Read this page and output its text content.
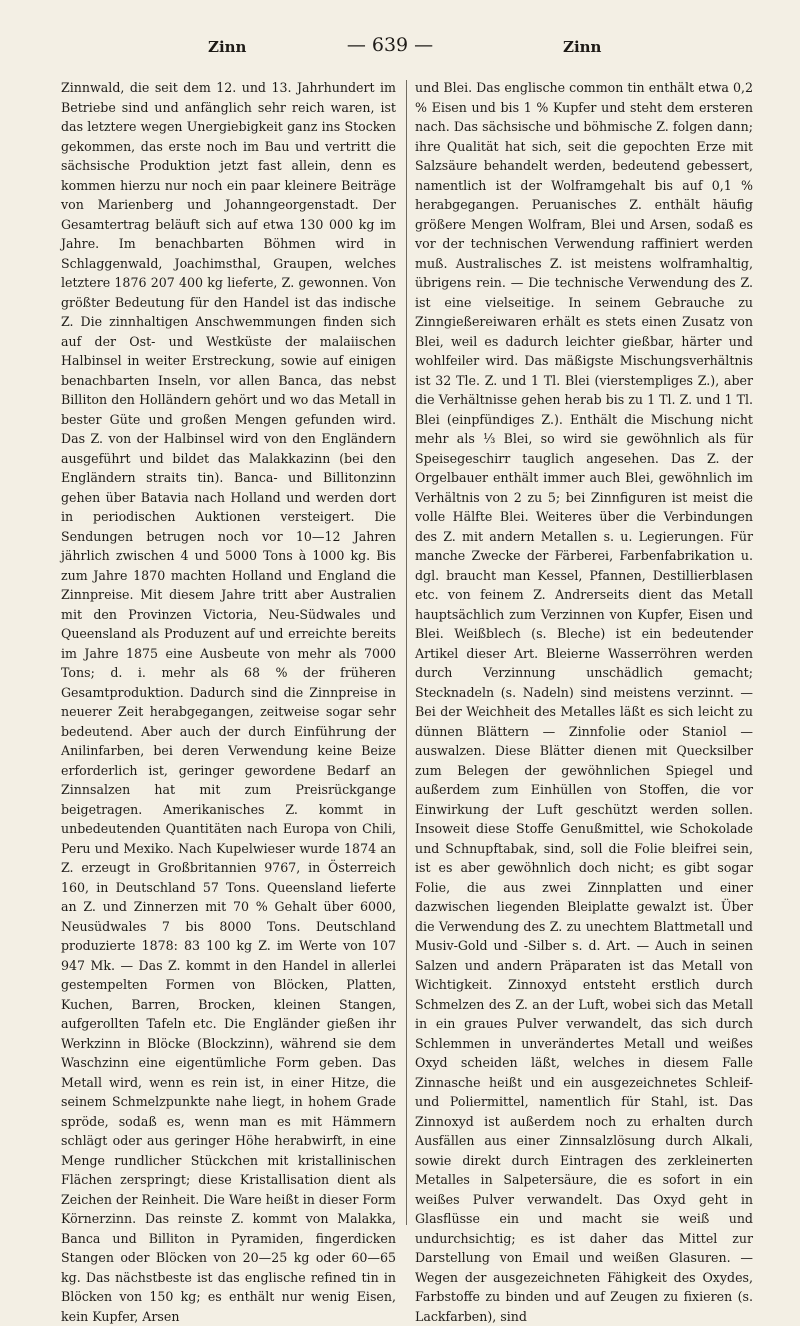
Zinn	— 639 —	Zinn

Zinnwald, die seit dem 12. und 13. Jahrhundert im Betriebe sind und anfänglich sehr reich waren, ist das letztere wegen Unergiebigkeit ganz ins Stocken gekommen, das erste noch im Bau und vertritt die sächsische Produktion jetzt fast allein, denn es kommen hierzu nur noch ein paar kleinere Beiträge von Marienberg und Johanngeorgenstadt. Der Gesamtertrag beläuft sich auf etwa 130 000 kg im Jahre. Im benachbarten Böhmen wird in Schlaggenwald, Joachimsthal, Graupen, welches letztere 1876 207 400 kg lieferte, Z. gewonnen. Von größter Bedeutung für den Handel ist das indische Z. Die zinnhaltigen Anschwemmungen finden sich auf der Ost- und Westküste der malaiischen Halbinsel in weiter Erstreckung, sowie auf einigen benachbarten Inseln, vor allen Banca, das nebst Billiton den Holländern gehört und wo das Metall in bester Güte und großen Mengen gefunden wird. Das Z. von der Halbinsel wird von den Engländern ausgeführt und bildet das Malakkazinn (bei den Engländern straits tin). Banca- und Billitonzinn gehen über Batavia nach Holland und werden dort in periodischen Auktionen versteigert. Die Sendungen betrugen noch vor 10—12 Jahren jährlich zwischen 4 und 5000 Tons à 1000 kg. Bis zum Jahre 1870 machten Holland und England die Zinnpreise. Mit diesem Jahre tritt aber Australien mit den Provinzen Victoria, Neu-Südwales und Queensland als Produzent auf und erreichte bereits im Jahre 1875 eine Ausbeute von mehr als 7000 Tons; d. i. mehr als 68 % der früheren Gesamtproduktion. Dadurch sind die Zinnpreise in neuerer Zeit herabgegangen, zeitweise sogar sehr bedeutend. Aber auch der durch Einführung der Anilinfarben, bei deren Verwendung keine Beize erforderlich ist, geringer gewordene Bedarf an Zinnsalzen hat mit zum Preisrückgange beigetragen. Amerikanisches Z. kommt in unbedeutenden Quantitäten nach Europa von Chili, Peru und Mexiko. Nach Kupelwieser wurde 1874 an Z. erzeugt in Großbritannien 9767, in Österreich 160, in Deutschland 57 Tons. Queensland lieferte an Z. und Zinnerzen mit 70 % Gehalt über 6000, Neusüdwales 7 bis 8000 Tons. Deutschland produzierte 1878: 83 100 kg Z. im Werte von 107 947 Mk. — Das Z. kommt in den Handel in allerlei gestempelten Formen von Blöcken, Platten, Kuchen, Barren, Brocken, kleinen Stangen, aufgerollten Tafeln etc. Die Engländer gießen ihr Werkzinn in Blöcke (Blockzinn), während sie dem Waschzinn eine eigentümliche Form geben. Das Metall wird, wenn es rein ist, in einer Hitze, die seinem Schmelzpunkte nahe liegt, in hohem Grade spröde, sodaß es, wenn man es mit Hämmern schlägt oder aus geringer Höhe herabwirft, in eine Menge rundlicher Stückchen mit kristallinischen Flächen zerspringt; diese Kristallisation dient als Zeichen der Reinheit. Die Ware heißt in dieser Form Körnerzinn. Das reinste Z. kommt von Malakka, Banca und Billiton in Pyramiden, fingerdicken Stangen oder Blöcken von 20—25 kg oder 60—65 kg. Das nächstbeste ist das englische refined tin in Blöcken von 150 kg; es enthält nur wenig Eisen, kein Kupfer, Arsen

und Blei. Das englische common tin enthält etwa 0,2 % Eisen und bis 1 % Kupfer und steht dem ersteren nach. Das sächsische und böhmische Z. folgen dann; ihre Qualität hat sich, seit die gepochten Erze mit Salzsäure behandelt werden, bedeutend gebessert, namentlich ist der Wolframgehalt bis auf 0,1 % herabgegangen. Peruanisches Z. enthält häufig größere Mengen Wolfram, Blei und Arsen, sodaß es vor der technischen Verwendung raffiniert werden muß. Australisches Z. ist meistens wolframhaltig, übrigens rein. — Die technische Verwendung des Z. ist eine vielseitige. In seinem Gebrauche zu Zinngießereiwaren erhält es stets einen Zusatz von Blei, weil es dadurch leichter gießbar, härter und wohlfeiler wird. Das mäßigste Mischungsverhältnis ist 32 Tle. Z. und 1 Tl. Blei (vierstempliges Z.), aber die Verhältnisse gehen herab bis zu 1 Tl. Z. und 1 Tl. Blei (einpfündiges Z.). Enthält die Mischung nicht mehr als ⅓ Blei, so wird sie gewöhnlich als für Speisegeschirr tauglich angesehen. Das Z. der Orgelbauer enthält immer auch Blei, gewöhnlich im Verhältnis von 2 zu 5; bei Zinnfiguren ist meist die volle Hälfte Blei. Weiteres über die Verbindungen des Z. mit andern Metallen s. u. Legierungen. Für manche Zwecke der Färberei, Farbenfabrikation u. dgl. braucht man Kessel, Pfannen, Destillierblasen etc. von feinem Z. Andrerseits dient das Metall hauptsächlich zum Verzinnen von Kupfer, Eisen und Blei. Weißblech (s. Bleche) ist ein bedeutender Artikel dieser Art. Bleierne Wasserröhren werden durch Verzinnung unschädlich gemacht; Stecknadeln (s. Nadeln) sind meistens verzinnt. — Bei der Weichheit des Metalles läßt es sich leicht zu dünnen Blättern — Zinnfolie oder Staniol — auswalzen. Diese Blätter dienen mit Quecksilber zum Belegen der gewöhnlichen Spiegel und außerdem zum Einhüllen von Stoffen, die vor Einwirkung der Luft geschützt werden sollen. Insoweit diese Stoffe Genußmittel, wie Schokolade und Schnupftabak, sind, soll die Folie bleifrei sein, ist es aber gewöhnlich doch nicht; es gibt sogar Folie, die aus zwei Zinnplatten und einer dazwischen liegenden Bleiplatte gewalzt ist. Über die Verwendung des Z. zu unechtem Blattmetall und Musiv-Gold und -Silber s. d. Art. — Auch in seinen Salzen und andern Präparaten ist das Metall von Wichtigkeit. Zinnoxyd entsteht erstlich durch Schmelzen des Z. an der Luft, wobei sich das Metall in ein graues Pulver verwandelt, das sich durch Schlemmen in unverändertes Metall und weißes Oxyd scheiden läßt, welches in diesem Falle Zinnasche heißt und ein ausgezeichnetes Schleif- und Poliermittel, namentlich für Stahl, ist. Das Zinnoxyd ist außerdem noch zu erhalten durch Ausfällen aus einer Zinnsalzlösung durch Alkali, sowie direkt durch Eintragen des zerkleinerten Metalles in Salpetersäure, die es sofort in ein weißes Pulver verwandelt. Das Oxyd geht in Glasflüsse ein und macht sie weiß und undurchsichtig; es ist daher das Mittel zur Darstellung von Email und weißen Glasuren. — Wegen der ausgezeichneten Fähigkeit des Oxydes, Farbstoffe zu binden und auf Zeugen zu fixieren (s. Lackfarben), sind
